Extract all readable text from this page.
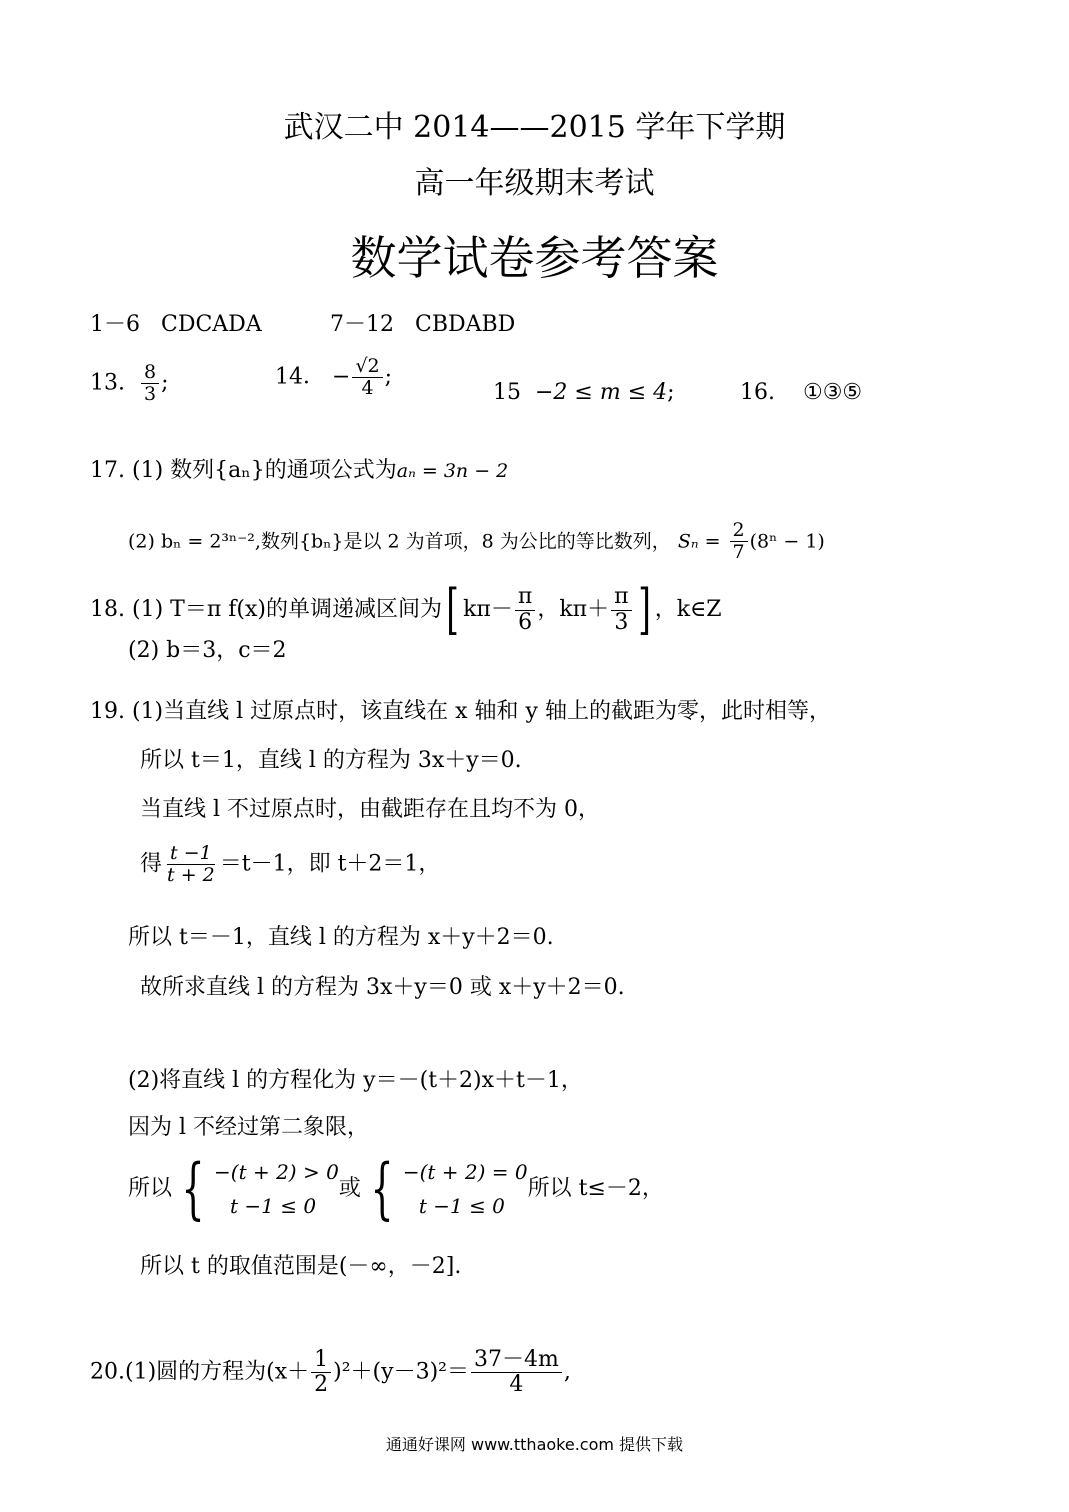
武汉二中 2014——2015 学年下学期
高一年级期末考试
数学试卷参考答案
1－6 CDCADA	7－12 CBDABD
13. $\frac{8}{3}$ ;	14． − $\frac{√2}{4}$ ;
15 −2 ≤ m ≤ 4;	16. ①③⑤
17. (1) 数列{aₙ}的通项公式为aₙ = 3n − 2
(2) bₙ = 2³ⁿ⁻²,数列{bₙ}是以 2 为首项，8 为公比的等比数列， $S_n = \frac{2}{7} (8^n - 1)$
18. (1) T＝π f(x)的单调递减区间为[ $k\pi- \frac{\pi}{6}$ ，$k\pi+ \frac{\pi}{3}$ ] ，k∈Z
(2) b＝3，c＝2
19. (1)当直线 l 过原点时，该直线在 x 轴和 y 轴上的截距为零，此时相等，
所以 t＝1，直线 l 的方程为 3x＋y＝0.
当直线 l 不过原点时，由截距存在且均不为 0，
得 $\frac{t -1}{t + 2} =t-1$，即 t＋2＝1，
所以 t＝－1，直线 l 的方程为 x＋y＋2＝0.
故所求直线 l 的方程为 3x＋y＝0 或 x＋y＋2＝0.
(2)将直线 l 的方程化为 y＝－(t＋2)x＋t－1，
因为 l 不经过第二象限，
所以 { −(t + 2) > 0
t −1 ≤ 0
或 { −(t + 2) = 0
t −1 ≤ 0
所以 t≤－2，
所以 t 的取值范围是(－∞，－2].
20.(1)圆的方程为$(x+ \frac{1}{2} )^2+(y-3)^2= \frac{37-4m}{4}$ ,
通通好课网 www.tthaoke.com 提供下载
